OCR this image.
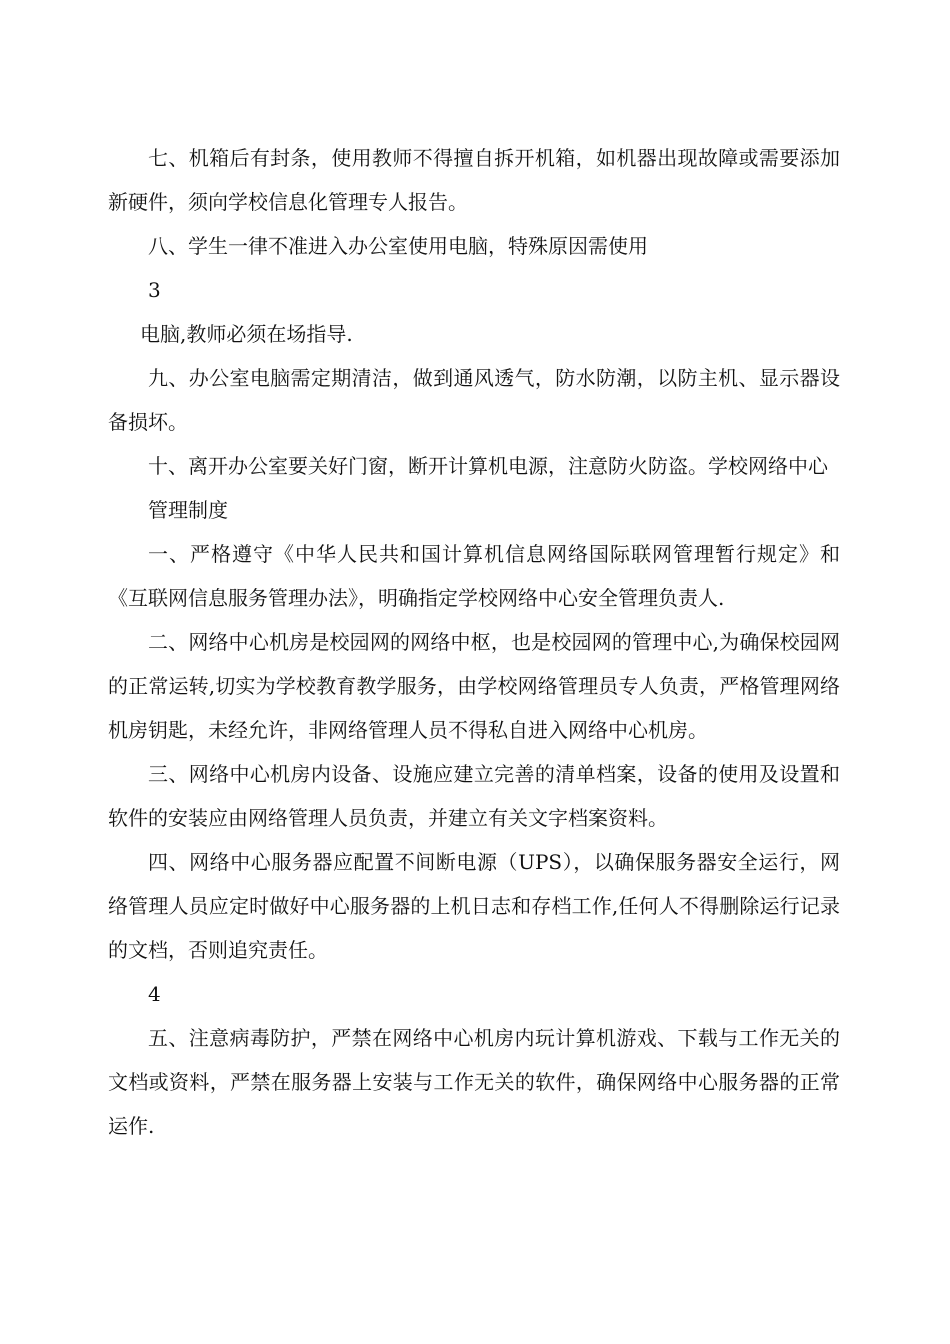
七、机箱后有封条，使用教师不得擅自拆开机箱，如机器出现故障或需要添加新硬件，须向学校信息化管理专人报告。

八、学生一律不准进入办公室使用电脑，特殊原因需使用

3

电脑,教师必须在场指导.

九、办公室电脑需定期清洁，做到通风透气，防水防潮，以防主机、显示器设备损坏。

十、离开办公室要关好门窗，断开计算机电源，注意防火防盗。学校网络中心

管理制度

一、严格遵守《中华人民共和国计算机信息网络国际联网管理暂行规定》和《互联网信息服务管理办法》，明确指定学校网络中心安全管理负责人.

二、网络中心机房是校园网的网络中枢，也是校园网的管理中心,为确保校园网的正常运转,切实为学校教育教学服务，由学校网络管理员专人负责，严格管理网络机房钥匙，未经允许，非网络管理人员不得私自进入网络中心机房。

三、网络中心机房内设备、设施应建立完善的清单档案，设备的使用及设置和软件的安装应由网络管理人员负责，并建立有关文字档案资料。

四、网络中心服务器应配置不间断电源（UPS），以确保服务器安全运行，网络管理人员应定时做好中心服务器的上机日志和存档工作,任何人不得删除运行记录的文档，否则追究责任。

4

五、注意病毒防护，严禁在网络中心机房内玩计算机游戏、下载与工作无关的文档或资料，严禁在服务器上安装与工作无关的软件，确保网络中心服务器的正常运作.
